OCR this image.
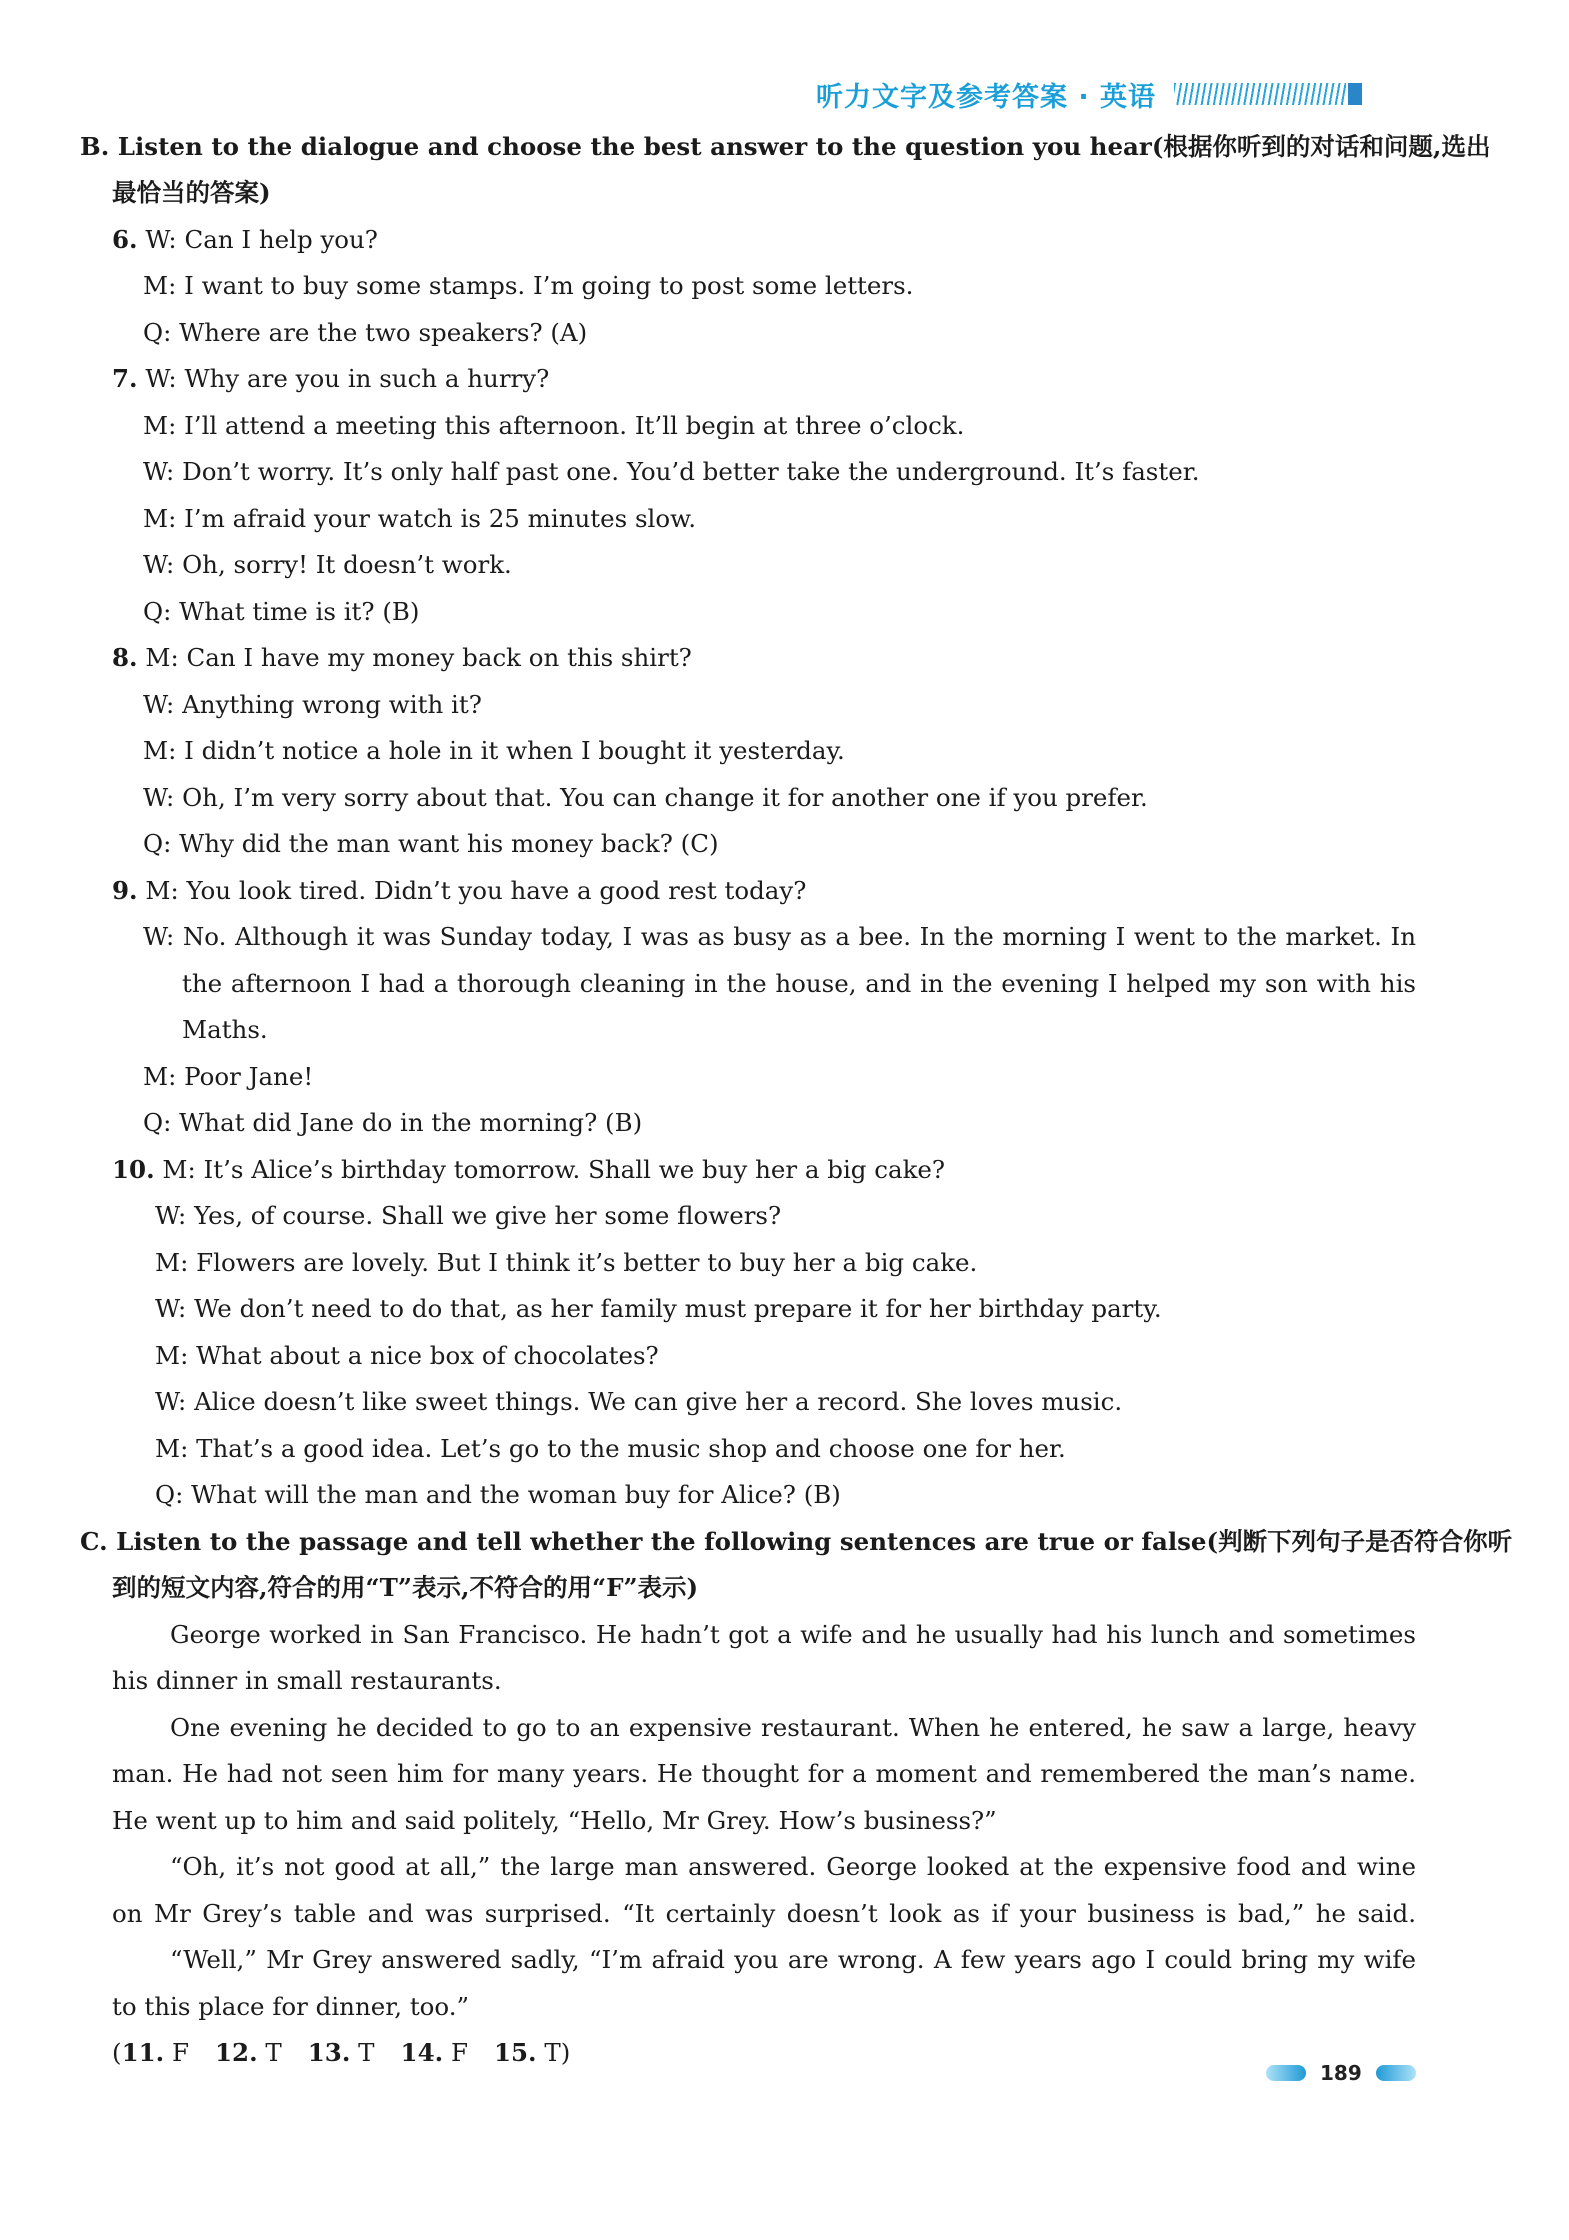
听力文字及参考答案 · 英语
B. Listen to the dialogue and choose the best answer to the question you hear(根据你听到的对话和问题,选出
最恰当的答案)
6. W: Can I help you?
M: I want to buy some stamps. I’m going to post some letters.
Q: Where are the two speakers? (A)
7. W: Why are you in such a hurry?
M: I’ll attend a meeting this afternoon. It’ll begin at three o’clock.
W: Don’t worry. It’s only half past one. You’d better take the underground. It’s faster.
M: I’m afraid your watch is 25 minutes slow.
W: Oh, sorry! It doesn’t work.
Q: What time is it? (B)
8. M: Can I have my money back on this shirt?
W: Anything wrong with it?
M: I didn’t notice a hole in it when I bought it yesterday.
W: Oh, I’m very sorry about that. You can change it for another one if you prefer.
Q: Why did the man want his money back? (C)
9. M: You look tired. Didn’t you have a good rest today?
W: No. Although it was Sunday today, I was as busy as a bee. In the morning I went to the market. In
the afternoon I had a thorough cleaning in the house, and in the evening I helped my son with his
Maths.
M: Poor Jane!
Q: What did Jane do in the morning? (B)
10. M: It’s Alice’s birthday tomorrow. Shall we buy her a big cake?
W: Yes, of course. Shall we give her some flowers?
M: Flowers are lovely. But I think it’s better to buy her a big cake.
W: We don’t need to do that, as her family must prepare it for her birthday party.
M: What about a nice box of chocolates?
W: Alice doesn’t like sweet things. We can give her a record. She loves music.
M: That’s a good idea. Let’s go to the music shop and choose one for her.
Q: What will the man and the woman buy for Alice? (B)
C. Listen to the passage and tell whether the following sentences are true or false(判断下列句子是否符合你听
到的短文内容,符合的用“T”表示,不符合的用“F”表示)
George worked in San Francisco. He hadn’t got a wife and he usually had his lunch and sometimes
his dinner in small restaurants.
One evening he decided to go to an expensive restaurant. When he entered, he saw a large, heavy
man. He had not seen him for many years. He thought for a moment and remembered the man’s name.
He went up to him and said politely, “Hello, Mr Grey. How’s business?”
“Oh, it’s not good at all,” the large man answered. George looked at the expensive food and wine
on Mr Grey’s table and was surprised. “It certainly doesn’t look as if your business is bad,” he said.
“Well,” Mr Grey answered sadly, “I’m afraid you are wrong. A few years ago I could bring my wife
to this place for dinner, too.”
(11. F 12. T 13. T 14. F 15. T)
189
